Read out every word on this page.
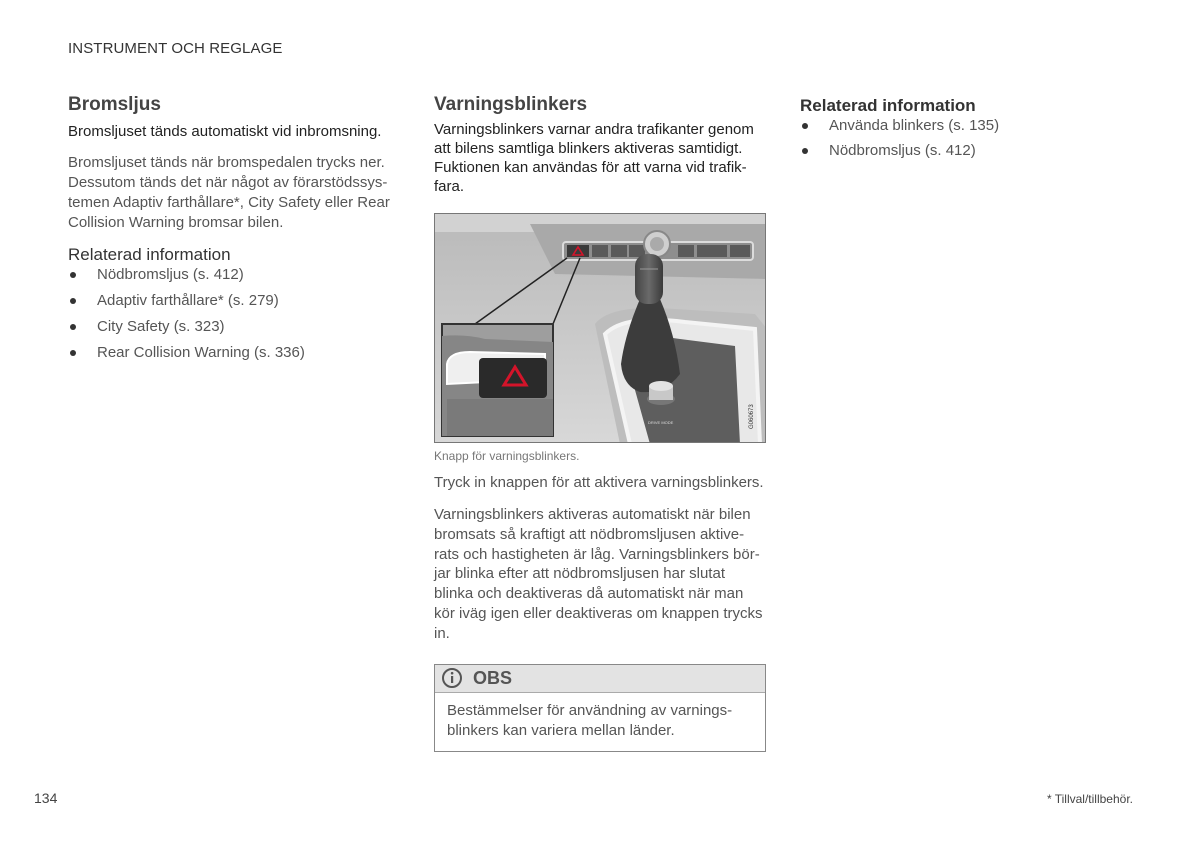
INSTRUMENT OCH REGLAGE
Bromsljus

Bromsljuset tänds automatiskt vid inbromsning.

Bromsljuset tänds när bromspedalen trycks ner.
Dessutom tänds det när något av förarstödssys-
temen Adaptiv farthållare*, City Safety eller Rear
Collision Warning bromsar bilen.

Relaterad information
Nödbromsljus (s. 412)
Adaptiv farthållare* (s. 279)
City Safety (s. 323)
Rear Collision Warning (s. 336)
Varningsblinkers

Varningsblinkers varnar andra trafikanter genom
att bilens samtliga blinkers aktiveras samtidigt.
Fuktionen kan användas för att varna vid trafik-
fara.

DRIVE MODE	G060673
Knapp för varningsblinkers.

Tryck in knappen för att aktivera varningsblinkers.

Varningsblinkers aktiveras automatiskt när bilen
bromsats så kraftigt att nödbromsljusen aktive-
rats och hastigheten är låg. Varningsblinkers bör-
jar blinka efter att nödbromsljusen har slutat
blinka och deaktiveras då automatiskt när man
kör iväg igen eller deaktiveras om knappen trycks
in.

OBS
Bestämmelser för användning av varnings-
blinkers kan variera mellan länder.
Relaterad information
Använda blinkers (s. 135)
Nödbromsljus (s. 412)
134	* Tillval/tillbehör.
